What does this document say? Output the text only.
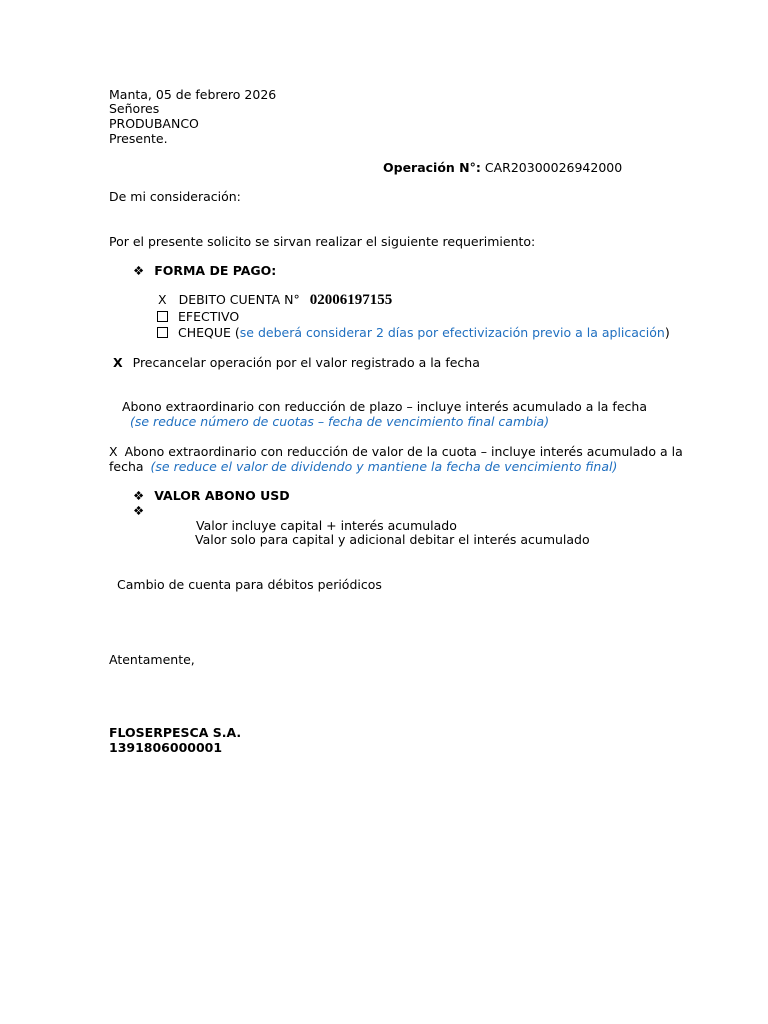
Manta, 05 de febrero 2026
Señores
PRODUBANCO
Presente.
Operación N°: CAR20300026942000
De mi consideración:
Por el presente solicito se sirvan realizar el siguiente requerimiento:
❖ FORMA DE PAGO:
X DEBITO CUENTA N° 02006197155
EFECTIVO
CHEQUE (se deberá considerar 2 días por efectivización previo a la aplicación)
X Precancelar operación por el valor registrado a la fecha
Abono extraordinario con reducción de plazo – incluye interés acumulado a la fecha
(se reduce número de cuotas – fecha de vencimiento final cambia)
X Abono extraordinario con reducción de valor de la cuota – incluye interés acumulado a la
fecha (se reduce el valor de dividendo y mantiene la fecha de vencimiento final)
❖ VALOR ABONO USD
❖
Valor incluye capital + interés acumulado
Valor solo para capital y adicional debitar el interés acumulado
Cambio de cuenta para débitos periódicos
Atentamente,
FLOSERPESCA S.A.
1391806000001
